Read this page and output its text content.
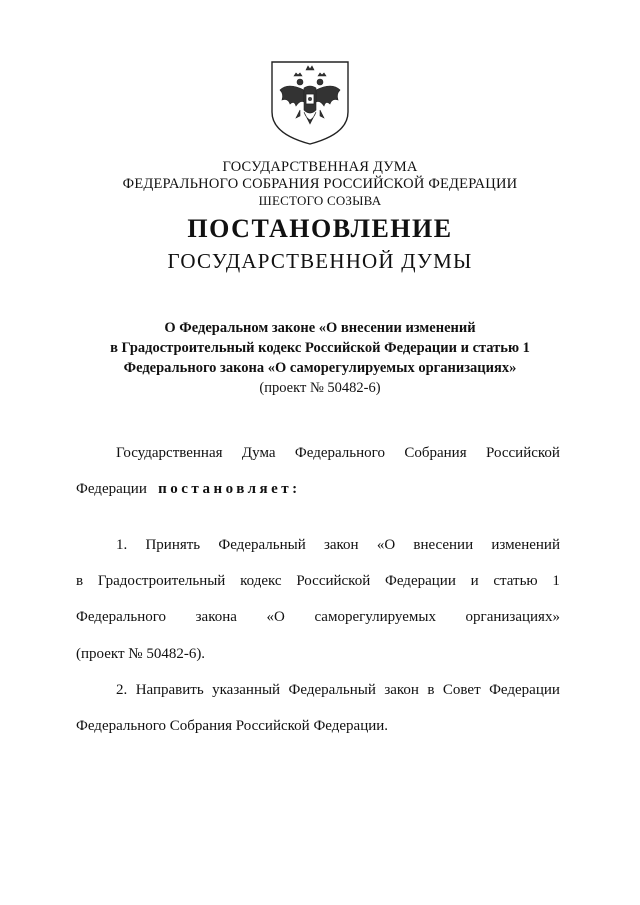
ГОСУДАРСТВЕННАЯ ДУМА
ФЕДЕРАЛЬНОГО СОБРАНИЯ РОССИЙСКОЙ ФЕДЕРАЦИИ
ШЕСТОГО СОЗЫВА
ПОСТАНОВЛЕНИЕ
ГОСУДАРСТВЕННОЙ ДУМЫ
О Федеральном законе «О внесении изменений
в Градостроительный кодекс Российской Федерации и статью 1
Федерального закона «О саморегулируемых организациях»
(проект № 50482-6)
Государственная Дума Федерального Собрания Российской
Федерации постановляет:
1. Принять Федеральный закон «О внесении изменений
в Градостроительный кодекс Российской Федерации и статью 1
Федерального закона «О саморегулируемых организациях»
(проект № 50482-6).
2. Направить указанный Федеральный закон в Совет Федерации
Федерального Собрания Российской Федерации.
